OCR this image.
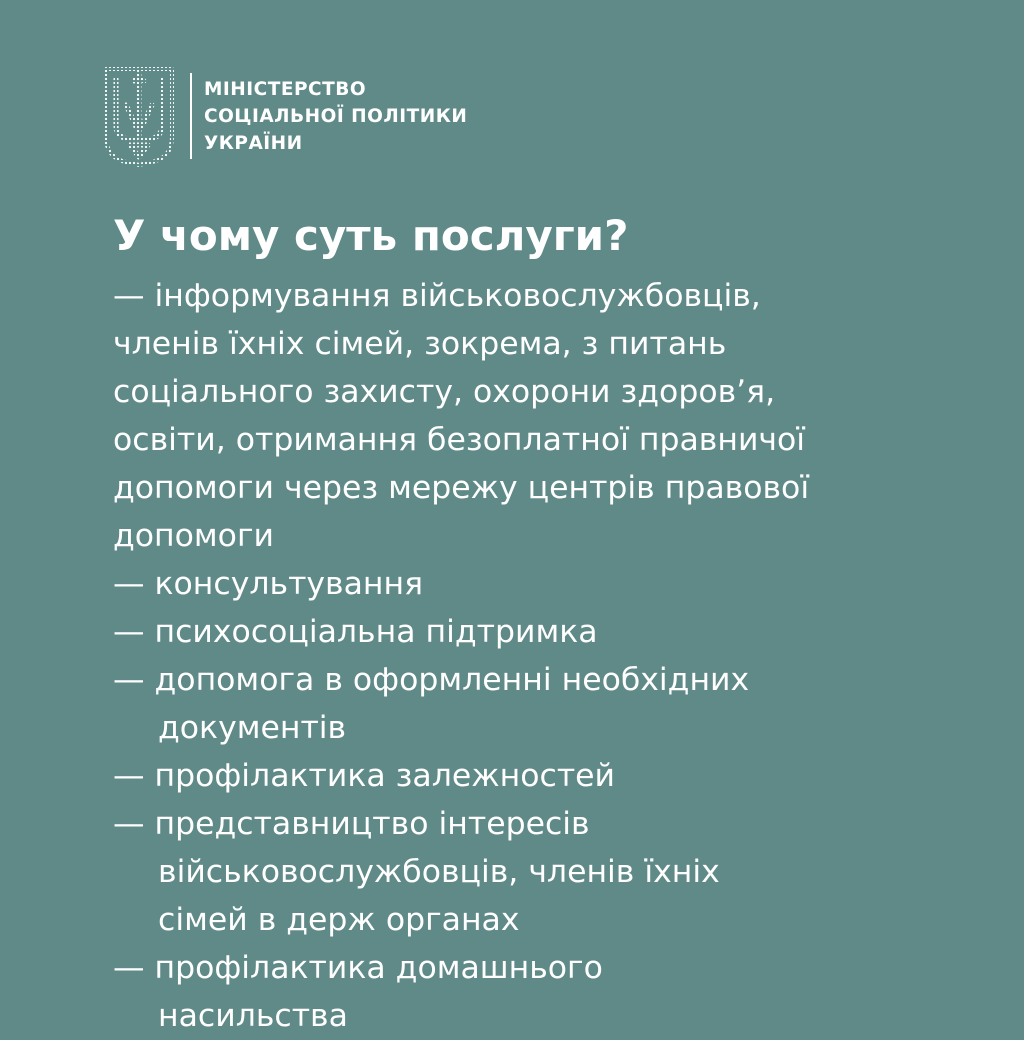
МІНІСТЕРСТВО
СОЦІАЛЬНОЇ ПОЛІТИКИ
УКРАЇНИ
У чому суть послуги?
— інформування військовослужбовців,
членів їхніх сімей, зокрема, з питань
соціального захисту, охорони здоров’я,
освіти, отримання безоплатної правничої
допомоги через мережу центрів правової
допомоги
— консультування
— психосоціальна підтримка
— допомога в оформленні необхідних
документів
— профілактика залежностей
— представництво інтересів
військовослужбовців, членів їхніх
сімей в держ органах
— профілактика домашнього
насильства
